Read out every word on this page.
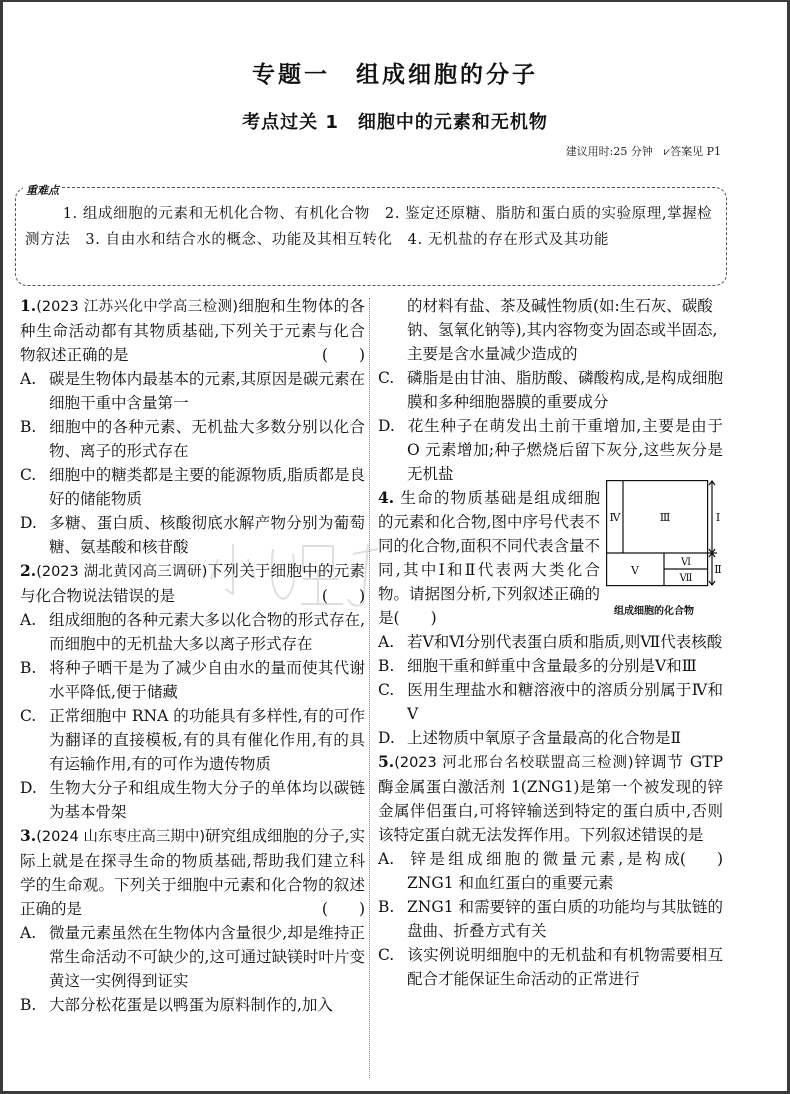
专题一　组成细胞的分子
考点过关 1　细胞中的元素和无机物
建议用时:25 分钟　⩗答案见 P1
重难点
1. 组成细胞的元素和无机化合物、有机化合物　2. 鉴定还原糖、脂肪和蛋白质的实验原理,掌握检测方法　3. 自由水和结合水的概念、功能及其相互转化　4. 无机盐的存在形式及其功能

1.(2023 江苏兴化中学高三检测)细胞和生物体的各种生命活动都有其物质基础,下列关于元素与化合物叙述正确的是	(　　)

A. 碳是生物体内最基本的元素,其原因是碳元素在细胞干重中含量第一

B. 细胞中的各种元素、无机盐大多数分别以化合物、离子的形式存在

C. 细胞中的糖类都是主要的能源物质,脂质都是良好的储能物质

D. 多糖、蛋白质、核酸彻底水解产物分别为葡萄糖、氨基酸和核苷酸

2.(2023 湖北黄冈高三调研)下列关于细胞中的元素与化合物说法错误的是	(　　)

A. 组成细胞的各种元素大多以化合物的形式存在,而细胞中的无机盐大多以离子形式存在

B. 将种子晒干是为了减少自由水的量而使其代谢水平降低,便于储藏

C. 正常细胞中 RNA 的功能具有多样性,有的可作为翻译的直接模板,有的具有催化作用,有的具有运输作用,有的可作为遗传物质

D. 生物大分子和组成生物大分子的单体均以碳链为基本骨架

3.(2024 山东枣庄高三期中)研究组成细胞的分子,实际上就是在探寻生命的物质基础,帮助我们建立科学的生命观。下列关于细胞中元素和化合物的叙述正确的是	(　　)

A. 微量元素虽然在生物体内含量很少,却是维持正常生命活动不可缺少的,这可通过缺镁时叶片变黄这一实例得到证实

B. 大部分松花蛋是以鸭蛋为原料制作的,加入

的材料有盐、茶及碱性物质(如:生石灰、碳酸钠、氢氧化钠等),其内容物变为固态或半固态,主要是含水量减少造成的

C. 磷脂是由甘油、脂肪酸、磷酸构成,是构成细胞膜和多种细胞器膜的重要成分

D. 花生种子在萌发出土前干重增加,主要是由于 O 元素增加;种子燃烧后留下灰分,这些灰分是无机盐

4. 生命的物质基础是组成细胞的元素和化合物,图中序号代表不同的化合物,面积不同代表含量不同,其中Ⅰ和Ⅱ代表两大类化合物。请据图分析,下列叙述正确的是(　　)

A. 若Ⅴ和Ⅵ分别代表蛋白质和脂质,则Ⅶ代表核酸

B. 细胞干重和鲜重中含量最多的分别是Ⅴ和Ⅲ

C. 医用生理盐水和糖溶液中的溶质分别属于Ⅳ和Ⅴ

D. 上述物质中氧原子含量最高的化合物是Ⅱ

Ⅳ	Ⅲ	Ⅰ
Ⅴ
Ⅵ
Ⅶ
Ⅱ
组成细胞的化合物

5.(2023 河北邢台名校联盟高三检测)锌调节 GTP 酶金属蛋白激活剂 1(ZNG1)是第一个被发现的锌金属伴侣蛋白,可将锌输送到特定的蛋白质中,否则该特定蛋白就无法发挥作用。下列叙述错误的是
(　　)

A. 锌是组成细胞的微量元素,是构成 ZNG1 和血红蛋白的重要元素

B. ZNG1 和需要锌的蛋白质的功能均与其肽链的盘曲、折叠方式有关

C. 该实例说明细胞中的无机盐和有机物需要相互配合才能保证生命活动的正常进行
